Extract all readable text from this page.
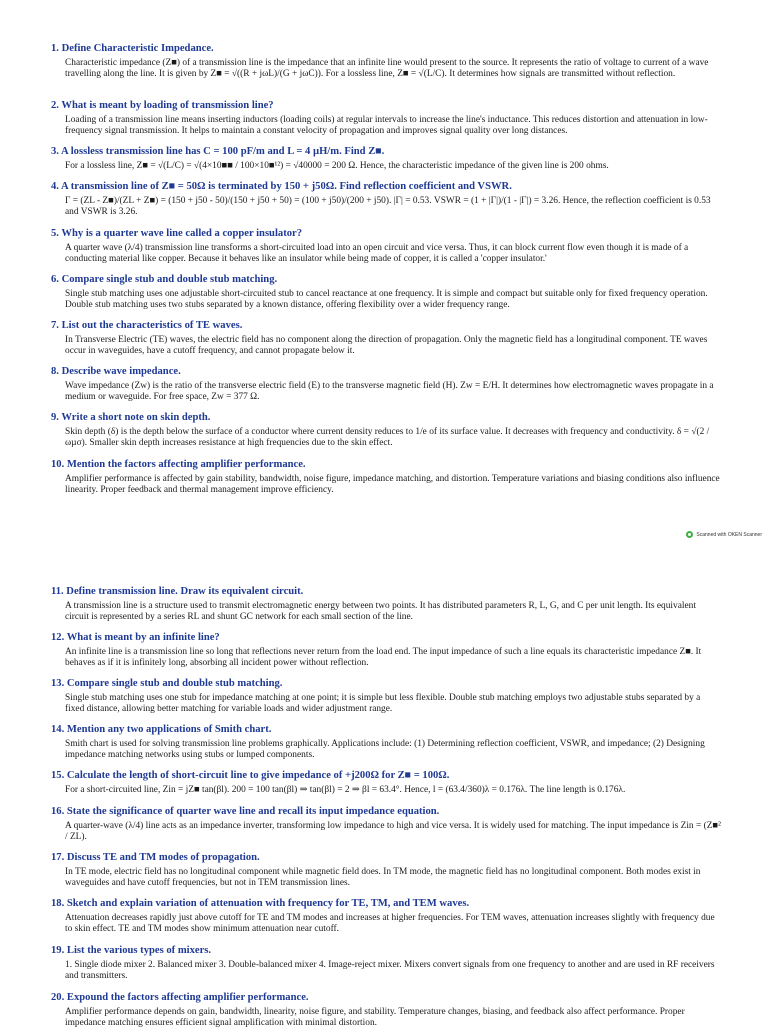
1. Define Characteristic Impedance.

Characteristic impedance (Z■) of a transmission line is the impedance that an infinite line would present to the source. It represents the ratio of voltage to current of a wave travelling along the line. It is given by Z■ = √((R + jωL)/(G + jωC)). For a lossless line, Z■ = √(L/C). It determines how signals are transmitted without reflection.

2. What is meant by loading of transmission line?

Loading of a transmission line means inserting inductors (loading coils) at regular intervals to increase the line's inductance. This reduces distortion and attenuation in low-frequency signal transmission. It helps to maintain a constant velocity of propagation and improves signal quality over long distances.

3. A lossless transmission line has C = 100 pF/m and L = 4 µH/m. Find Z■.

For a lossless line, Z■ = √(L/C) = √(4×10■■ / 100×10■¹²) = √40000 = 200 Ω. Hence, the characteristic impedance of the given line is 200 ohms.

4. A transmission line of Z■ = 50Ω is terminated by 150 + j50Ω. Find reflection coefficient and VSWR.

Γ = (ZL - Z■)/(ZL + Z■) = (150 + j50 - 50)/(150 + j50 + 50) = (100 + j50)/(200 + j50). |Γ| = 0.53. VSWR = (1 + |Γ|)/(1 - |Γ|) = 3.26. Hence, the reflection coefficient is 0.53 and VSWR is 3.26.

5. Why is a quarter wave line called a copper insulator?

A quarter wave (λ/4) transmission line transforms a short-circuited load into an open circuit and vice versa. Thus, it can block current flow even though it is made of a conducting material like copper. Because it behaves like an insulator while being made of copper, it is called a 'copper insulator.'

6. Compare single stub and double stub matching.

Single stub matching uses one adjustable short-circuited stub to cancel reactance at one frequency. It is simple and compact but suitable only for fixed frequency operation. Double stub matching uses two stubs separated by a known distance, offering flexibility over a wider frequency range.

7. List out the characteristics of TE waves.

In Transverse Electric (TE) waves, the electric field has no component along the direction of propagation. Only the magnetic field has a longitudinal component. TE waves occur in waveguides, have a cutoff frequency, and cannot propagate below it.

8. Describe wave impedance.

Wave impedance (Zw) is the ratio of the transverse electric field (E) to the transverse magnetic field (H). Zw = E/H. It determines how electromagnetic waves propagate in a medium or waveguide. For free space, Zw = 377 Ω.

9. Write a short note on skin depth.

Skin depth (δ) is the depth below the surface of a conductor where current density reduces to 1/e of its surface value. It decreases with frequency and conductivity. δ = √(2 / ωµσ). Smaller skin depth increases resistance at high frequencies due to the skin effect.

10. Mention the factors affecting amplifier performance.

Amplifier performance is affected by gain stability, bandwidth, noise figure, impedance matching, and distortion. Temperature variations and biasing conditions also influence linearity. Proper feedback and thermal management improve efficiency.

Scanned with OKEN Scanner

11. Define transmission line. Draw its equivalent circuit.

A transmission line is a structure used to transmit electromagnetic energy between two points. It has distributed parameters R, L, G, and C per unit length. Its equivalent circuit is represented by a series RL and shunt GC network for each small section of the line.

12. What is meant by an infinite line?

An infinite line is a transmission line so long that reflections never return from the load end. The input impedance of such a line equals its characteristic impedance Z■. It behaves as if it is infinitely long, absorbing all incident power without reflection.

13. Compare single stub and double stub matching.

Single stub matching uses one stub for impedance matching at one point; it is simple but less flexible. Double stub matching employs two adjustable stubs separated by a fixed distance, allowing better matching for variable loads and wider adjustment range.

14. Mention any two applications of Smith chart.

Smith chart is used for solving transmission line problems graphically. Applications include: (1) Determining reflection coefficient, VSWR, and impedance; (2) Designing impedance matching networks using stubs or lumped components.

15. Calculate the length of short-circuit line to give impedance of +j200Ω for Z■ = 100Ω.

For a short-circuited line, Zin = jZ■ tan(βl). 200 = 100 tan(βl) ⇒ tan(βl) = 2 ⇒ βl = 63.4°. Hence, l = (63.4/360)λ = 0.176λ. The line length is 0.176λ.

16. State the significance of quarter wave line and recall its input impedance equation.

A quarter-wave (λ/4) line acts as an impedance inverter, transforming low impedance to high and vice versa. It is widely used for matching. The input impedance is Zin = (Z■² / ZL).

17. Discuss TE and TM modes of propagation.

In TE mode, electric field has no longitudinal component while magnetic field does. In TM mode, the magnetic field has no longitudinal component. Both modes exist in waveguides and have cutoff frequencies, but not in TEM transmission lines.

18. Sketch and explain variation of attenuation with frequency for TE, TM, and TEM waves.

Attenuation decreases rapidly just above cutoff for TE and TM modes and increases at higher frequencies. For TEM waves, attenuation increases slightly with frequency due to skin effect. TE and TM modes show minimum attenuation near cutoff.

19. List the various types of mixers.

1. Single diode mixer 2. Balanced mixer 3. Double-balanced mixer 4. Image-reject mixer. Mixers convert signals from one frequency to another and are used in RF receivers and transmitters.

20. Expound the factors affecting amplifier performance.

Amplifier performance depends on gain, bandwidth, linearity, noise figure, and stability. Temperature changes, biasing, and feedback also affect performance. Proper impedance matching ensures efficient signal amplification with minimal distortion.
